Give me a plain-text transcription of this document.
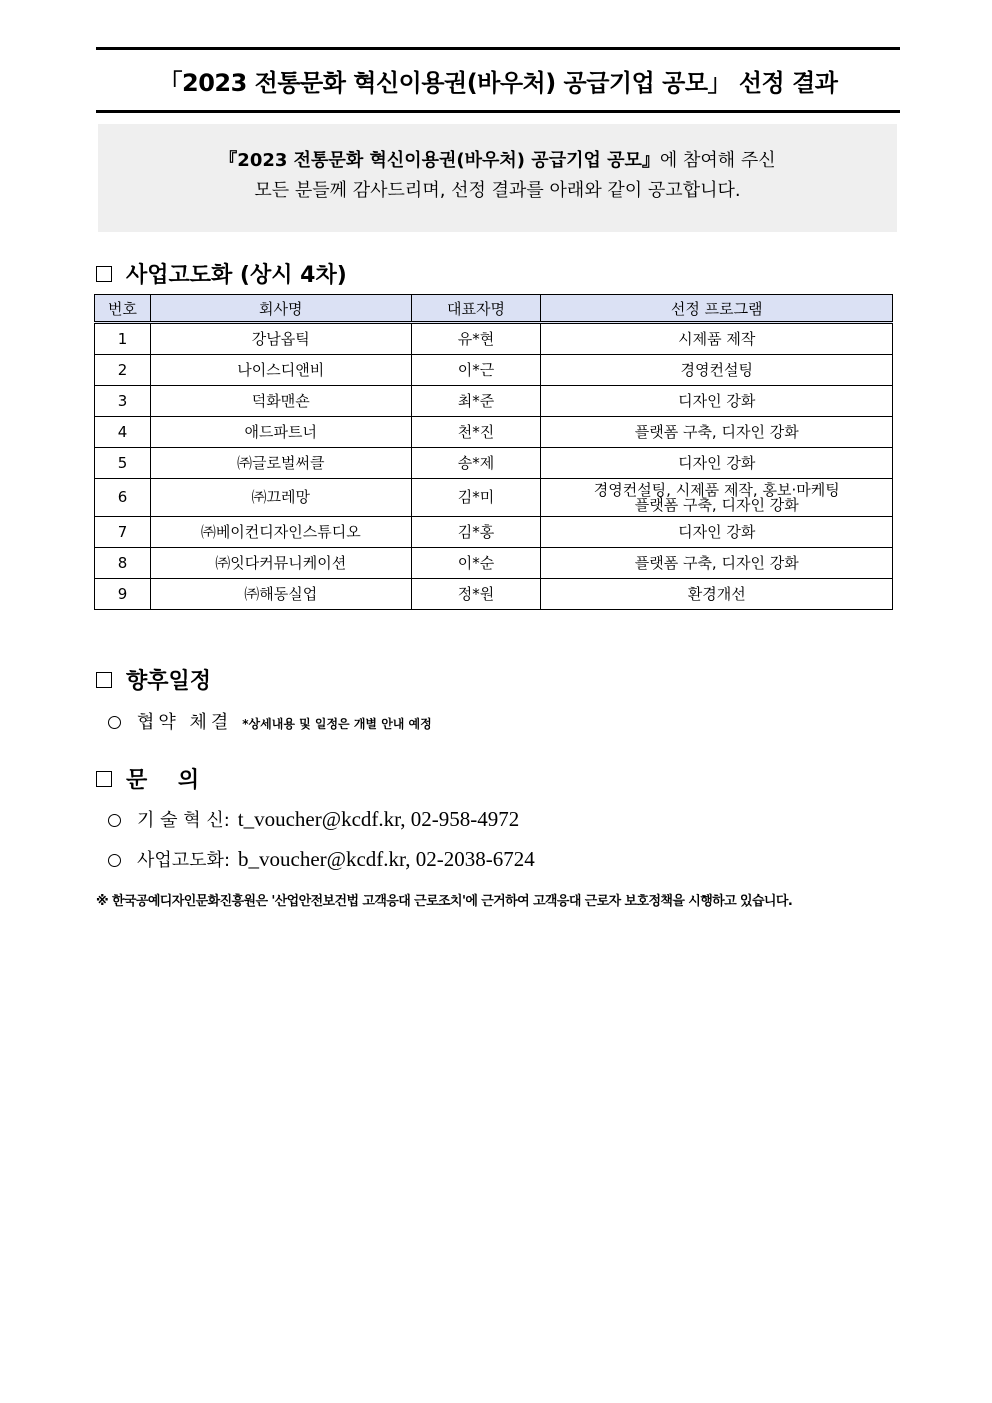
「2023 전통문화 혁신이용권(바우처) 공급기업 공모」 선정 결과
『2023 전통문화 혁신이용권(바우처) 공급기업 공모』에 참여해 주신
모든 분들께 감사드리며, 선정 결과를 아래와 같이 공고합니다.
사업고도화 (상시 4차)
번호	회사명	대표자명	선정 프로그램
1	강남옵틱	유*현	시제품 제작
2	나이스디앤비	이*근	경영컨설팅
3	덕화맨숀	최*준	디자인 강화
4	애드파트너	천*진	플랫폼 구축, 디자인 강화
5	㈜글로벌써클	송*제	디자인 강화
6	㈜끄레망	김*미	경영컨설팅, 시제품 제작, 홍보·마케팅
플랫폼 구축, 디자인 강화

7	㈜베이컨디자인스튜디오	김*홍	디자인 강화
8	㈜잇다커뮤니케이션	이*순	플랫폼 구축, 디자인 강화
9	㈜해동실업	정*원	환경개선
향후일정
협약 체결 *상세내용 및 일정은 개별 안내 예정
문    의
기 술 혁 신: t_voucher@kcdf.kr, 02-958-4972
사업고도화: b_voucher@kcdf.kr, 02-2038-6724
※ 한국공예디자인문화진흥원은 '산업안전보건법 고객응대 근로조치'에 근거하여 고객응대 근로자 보호정책을 시행하고 있습니다.
